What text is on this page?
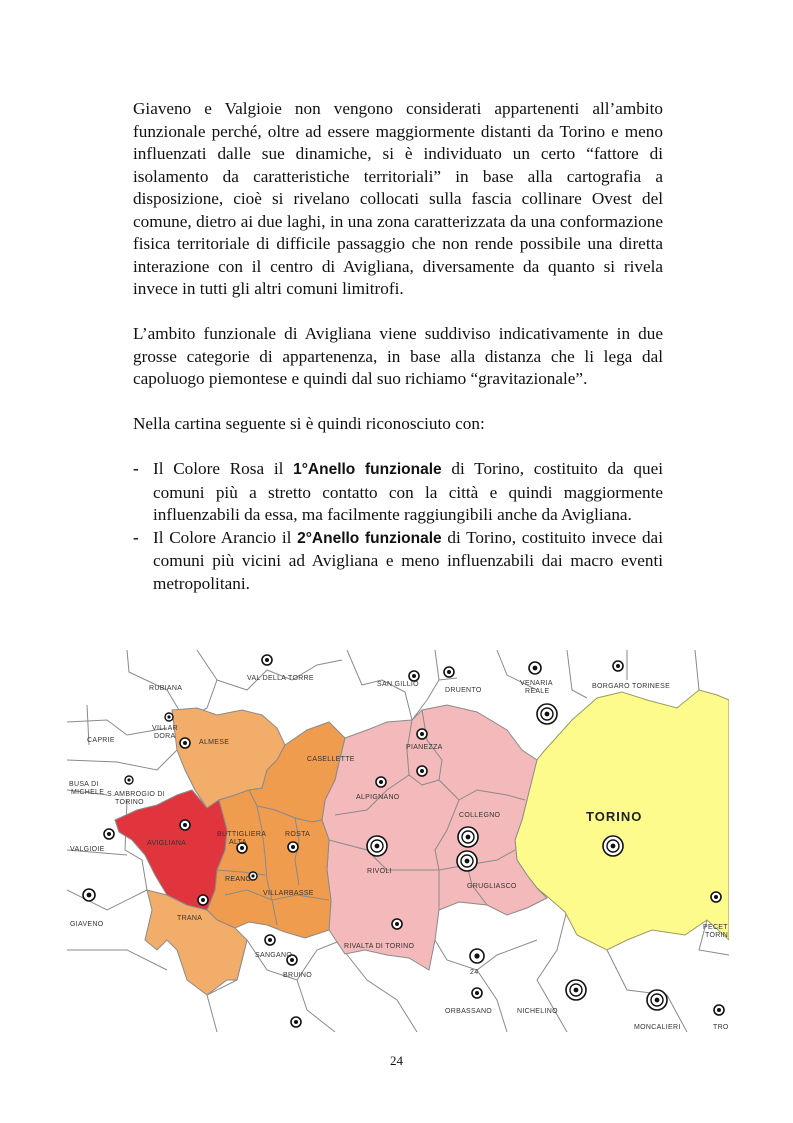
Giaveno e Valgioie non vengono considerati appartenenti all’ambito funzionale perché, oltre ad essere maggiormente distanti da Torino e meno influenzati dalle sue dinamiche, si è individuato un certo “fattore di isolamento da caratteristiche territoriali” in base alla cartografia a disposizione, cioè si rivelano collocati sulla fascia collinare Ovest del comune, dietro ai due laghi, in una zona caratterizzata da una conformazione fisica territoriale di difficile passaggio che non rende possibile una diretta interazione con il centro di Avigliana, diversamente da quanto si rivela invece in tutti gli altri comuni limitrofi.

L’ambito funzionale di Avigliana viene suddiviso indicativamente in due grosse categorie di appartenenza, in base alla distanza che li lega dal capoluogo piemontese e quindi dal suo richiamo “gravitazionale”.

Nella cartina seguente si è quindi riconosciuto con:

- Il Colore Rosa il 1°Anello funzionale di Torino, costituito da quei comuni più a stretto contatto con la città e quindi maggiormente influenzabili da essa, ma facilmente raggiungibili anche da Avigliana.

- Il Colore Arancio il 2°Anello funzionale di Torino, costituito invece dai comuni più vicini ad Avigliana e meno influenzabili dai macro eventi metropolitani.

VAL DELLA TORRE
RUBIANA
SAN GILLIO
DRUENTO
VENARIA
REALE
BORGARO TORINESE
CAPRIE
VILLAR
DORA
ALMESE
CASELLETTE
PIANEZZA
BUSA DI
MICHELE S.AMBROGIO DI
TORINO
ALPIGNANO
COLLEGNO	TORINO
VALGIOIE
AVIGLIANA
BUTTIGLIERA
ALTA
ROSTA
RIVOLI
REANO
VILLARBASSE
GRUGLIASCO
GIAVENO
TRANA
RIVALTA DI TORINO
SANGANO
BRUINO	24
ORBASSANO	NICHELINO
MONCALIERI
PECET
TORIN
TRO
24
